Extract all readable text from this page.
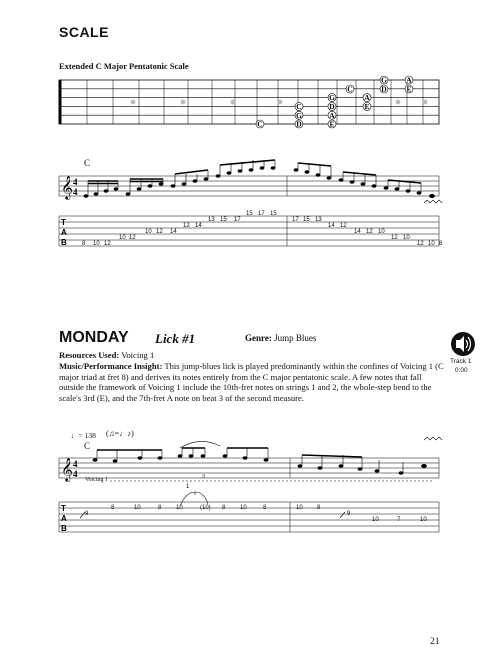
SCALE
Extended C Major Pentatonic Scale
G	A
C	D	E
G	A
C	D	E
G	A
C	D	E
𝄞 4
4
T
A
B
𝄞 4
4	3
T
A
B
C
8 10 12
10 12
10 12 14
12 14
13 15 17
15 17 15
17 15 13
14 12
14 12 10
12 10
12 10 8
MONDAY Lick #1	Genre: Jump Blues
Resources Used: Voicing 1
Music/Performance Insight: This jump-blues lick is played predominantly within the confines of Voicing 1 (C major triad at fret 8) and derives its notes entirely from the C major pentatonic scale. A few notes that fall outside the framework of Voicing 1 include the 10th-fret notes on strings 1 and 2, the whole-step bend to the scale's 3rd (E), and the 7th-fret A note on beat 3 of the second measure.
Track 1
0:00
♩= 138 (♫=♩♪)
C
Voicing 1
1
9
8	10	8 10	(10) 8 10	8	10 8
9
10	7	10
21
